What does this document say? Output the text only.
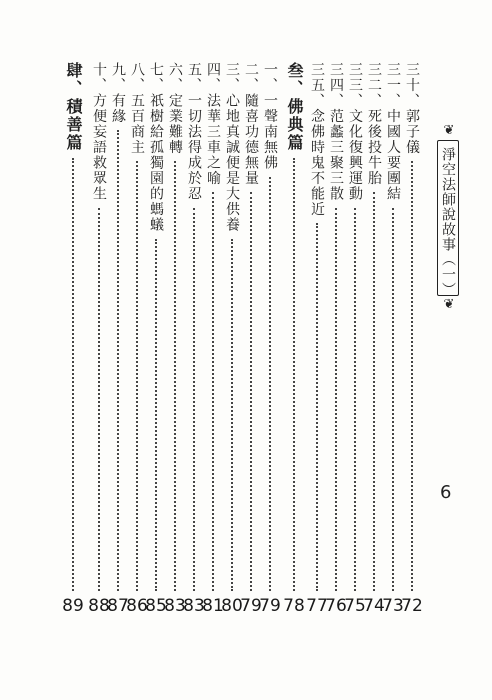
❦
淨空法師說故事（一）
❦
6
三十、郭子儀
72
三一、中國人要團結
73
三二、死後投牛胎
74
三三、文化復興運動
75
三四、范蠡三聚三散
76
三五、念佛時鬼不能近
77
叁、佛典篇
78
一、一聲南無佛
79
二、隨喜功德無量
79
三、心地真誠便是大供養
80
四、法華三車之喻
81
五、一切法得成於忍
83
六、定業難轉
83
七、祇樹給孤獨園的螞蟻
85
八、五百商主
86
九、有緣
87
十、方便妄語救眾生
88
肆、積善篇
89
